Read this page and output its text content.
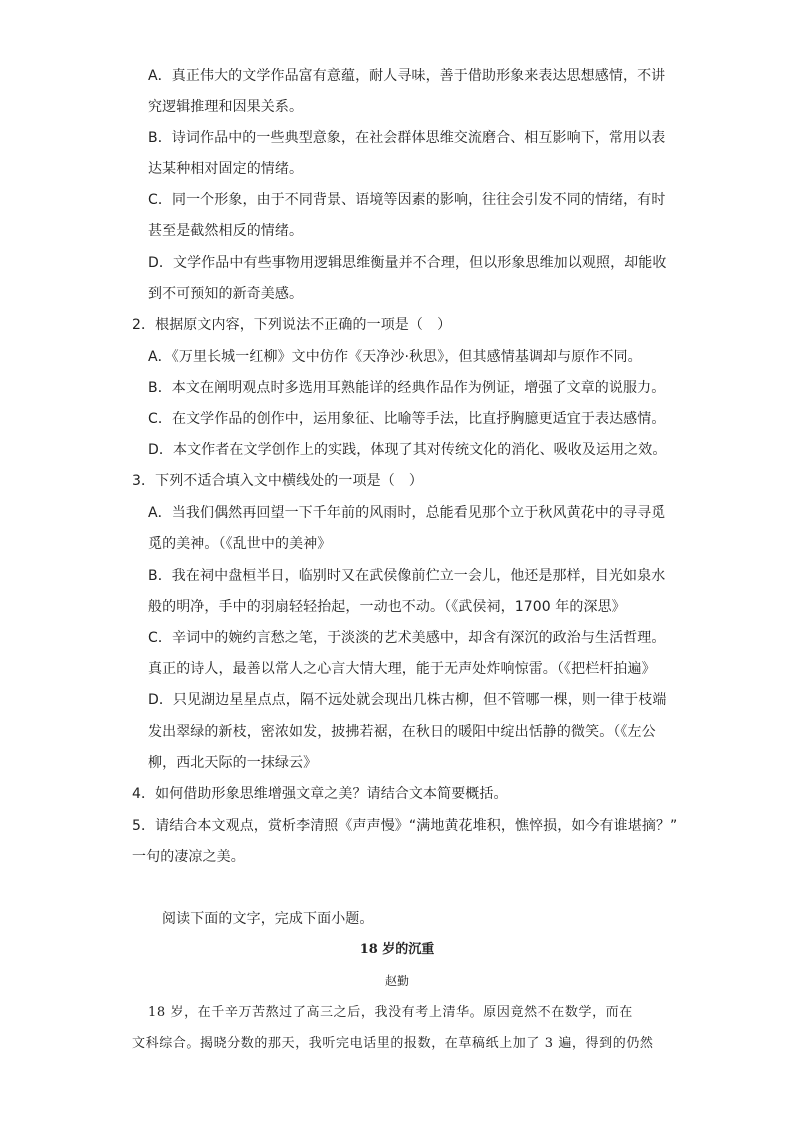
A．真正伟大的文学作品富有意蕴，耐人寻味，善于借助形象来表达思想感情，不讲
究逻辑推理和因果关系。
B．诗词作品中的一些典型意象，在社会群体思维交流磨合、相互影响下，常用以表
达某种相对固定的情绪。
C．同一个形象，由于不同背景、语境等因素的影响，往往会引发不同的情绪，有时
甚至是截然相反的情绪。
D．文学作品中有些事物用逻辑思维衡量并不合理，但以形象思维加以观照，却能收
到不可预知的新奇美感。
2．根据原文内容，下列说法不正确的一项是（　）
A．《万里长城一红柳》文中仿作《天净沙·秋思》，但其感情基调却与原作不同。
B．本文在阐明观点时多选用耳熟能详的经典作品作为例证，增强了文章的说服力。
C．在文学作品的创作中，运用象征、比喻等手法，比直抒胸臆更适宜于表达感情。
D．本文作者在文学创作上的实践，体现了其对传统文化的消化、吸收及运用之效。
3．下列不适合填入文中横线处的一项是（　）
A．当我们偶然再回望一下千年前的风雨时，总能看见那个立于秋风黄花中的寻寻觅
觅的美神。（《乱世中的美神》
B．我在祠中盘桓半日，临别时又在武侯像前伫立一会儿，他还是那样，目光如泉水
般的明净，手中的羽扇轻轻抬起，一动也不动。（《武侯祠，1700 年的深思》
C．辛词中的婉约言愁之笔，于淡淡的艺术美感中，却含有深沉的政治与生活哲理。
真正的诗人，最善以常人之心言大情大理，能于无声处炸响惊雷。（《把栏杆拍遍》
D．只见湖边星星点点，隔不远处就会现出几株古柳，但不管哪一棵，则一律于枝端
发出翠绿的新枝，密浓如发，披拂若裾，在秋日的暖阳中绽出恬静的微笑。（《左公
柳，西北天际的一抹绿云》
4．如何借助形象思维增强文章之美？请结合文本简要概括。
5．请结合本文观点，赏析李清照《声声慢》“满地黄花堆积，憔悴损，如今有谁堪摘？”
一句的凄凉之美。
阅读下面的文字，完成下面小题。
18 岁的沉重
赵勤
18 岁，在千辛万苦熬过了高三之后，我没有考上清华。原因竟然不在数学，而在
文科综合。揭晓分数的那天，我听完电话里的报数，在草稿纸上加了 3 遍，得到的仍然
